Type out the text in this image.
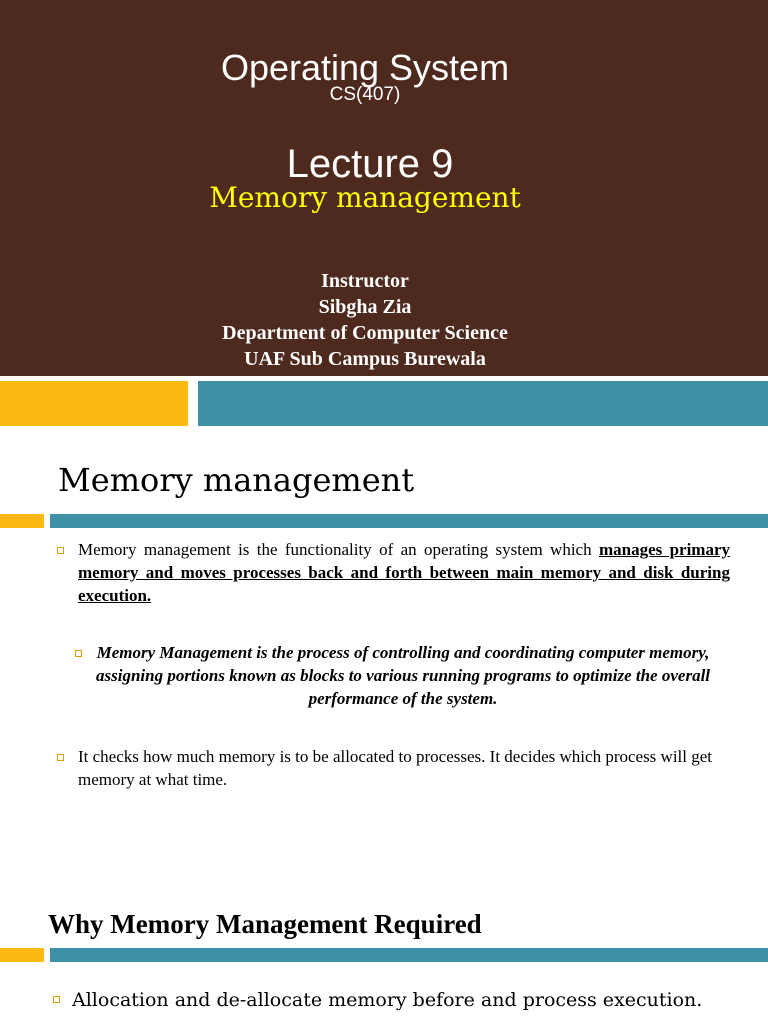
Operating System
CS(407)
Lecture 9
Memory management
Instructor
Sibgha Zia
Department of Computer Science
UAF Sub Campus Burewala
Memory management
Memory management is the functionality of an operating system which manages primary memory and moves processes back and forth between main memory and disk during execution.
Memory Management is the process of controlling and coordinating computer memory, assigning portions known as blocks to various running programs to optimize the overall performance of the system.
It checks how much memory is to be allocated to processes. It decides which process will get memory at what time.
Why Memory Management Required
Allocation and de-allocate memory before and process execution.
